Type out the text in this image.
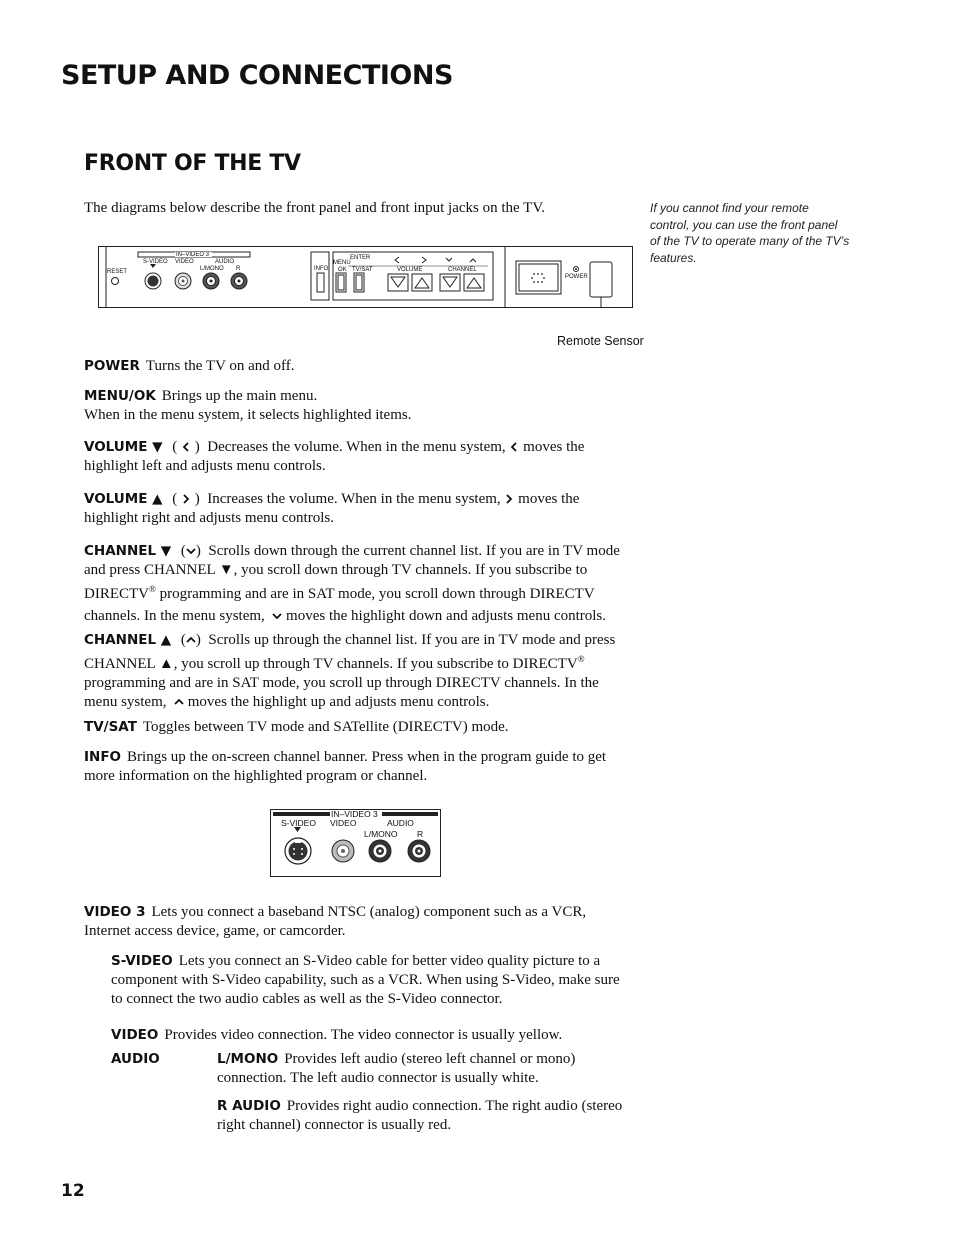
SETUP AND CONNECTIONS
FRONT OF THE TV
The diagrams below describe the front panel and front input jacks on the TV.	If you cannot find your remote control, you can use the front panel of the TV to operate many of the TV’s features.
RESET
IN–VIDEO 3
S-VIDEO VIDEO	AUDIO
L/MONO R	INFO
MENU
OK
ENTER
TV/SAT	VOLUME	CHANNEL
POWER
Remote Sensor
POWER Turns the TV on and off.
MENU/OK Brings up the main menu.
When in the menu system, it selects highlighted items.
VOLUME ▼ ( ) Decreases the volume. When in the menu system, moves the
highlight left and adjusts menu controls.
VOLUME ▲ ( ) Increases the volume. When in the menu system, moves the
highlight right and adjusts menu controls.
CHANNEL ▼ ( ) Scrolls down through the current channel list. If you are in TV mode
and press CHANNEL ▼, you scroll down through TV channels. If you subscribe to
DIRECTV® programming and are in SAT mode, you scroll down through DIRECTV
channels. In the menu system, moves the highlight down and adjusts menu controls.
CHANNEL ▲ ( ) Scrolls up through the channel list. If you are in TV mode and press
CHANNEL ▲, you scroll up through TV channels. If you subscribe to DIRECTV®
programming and are in SAT mode, you scroll up through DIRECTV channels. In the
menu system, moves the highlight up and adjusts menu controls.
TV/SAT Toggles between TV mode and SATellite (DIRECTV) mode.
INFO Brings up the on-screen channel banner. Press when in the program guide to get
more information on the highlighted program or channel.
IN–VIDEO 3
S-VIDEO VIDEO	AUDIO
L/MONO R
VIDEO 3 Lets you connect a baseband NTSC (analog) component such as a VCR,
Internet access device, game, or camcorder.
S-VIDEO Lets you connect an S-Video cable for better video quality picture to a
component with S-Video capability, such as a VCR. When using S-Video, make sure
to connect the two audio cables as well as the S-Video connector.
VIDEO Provides video connection. The video connector is usually yellow.
AUDIO	L/MONO Provides left audio (stereo left channel or mono)
connection. The left audio connector is usually white.
R AUDIO Provides right audio connection. The right audio (stereo
right channel) connector is usually red.
12
